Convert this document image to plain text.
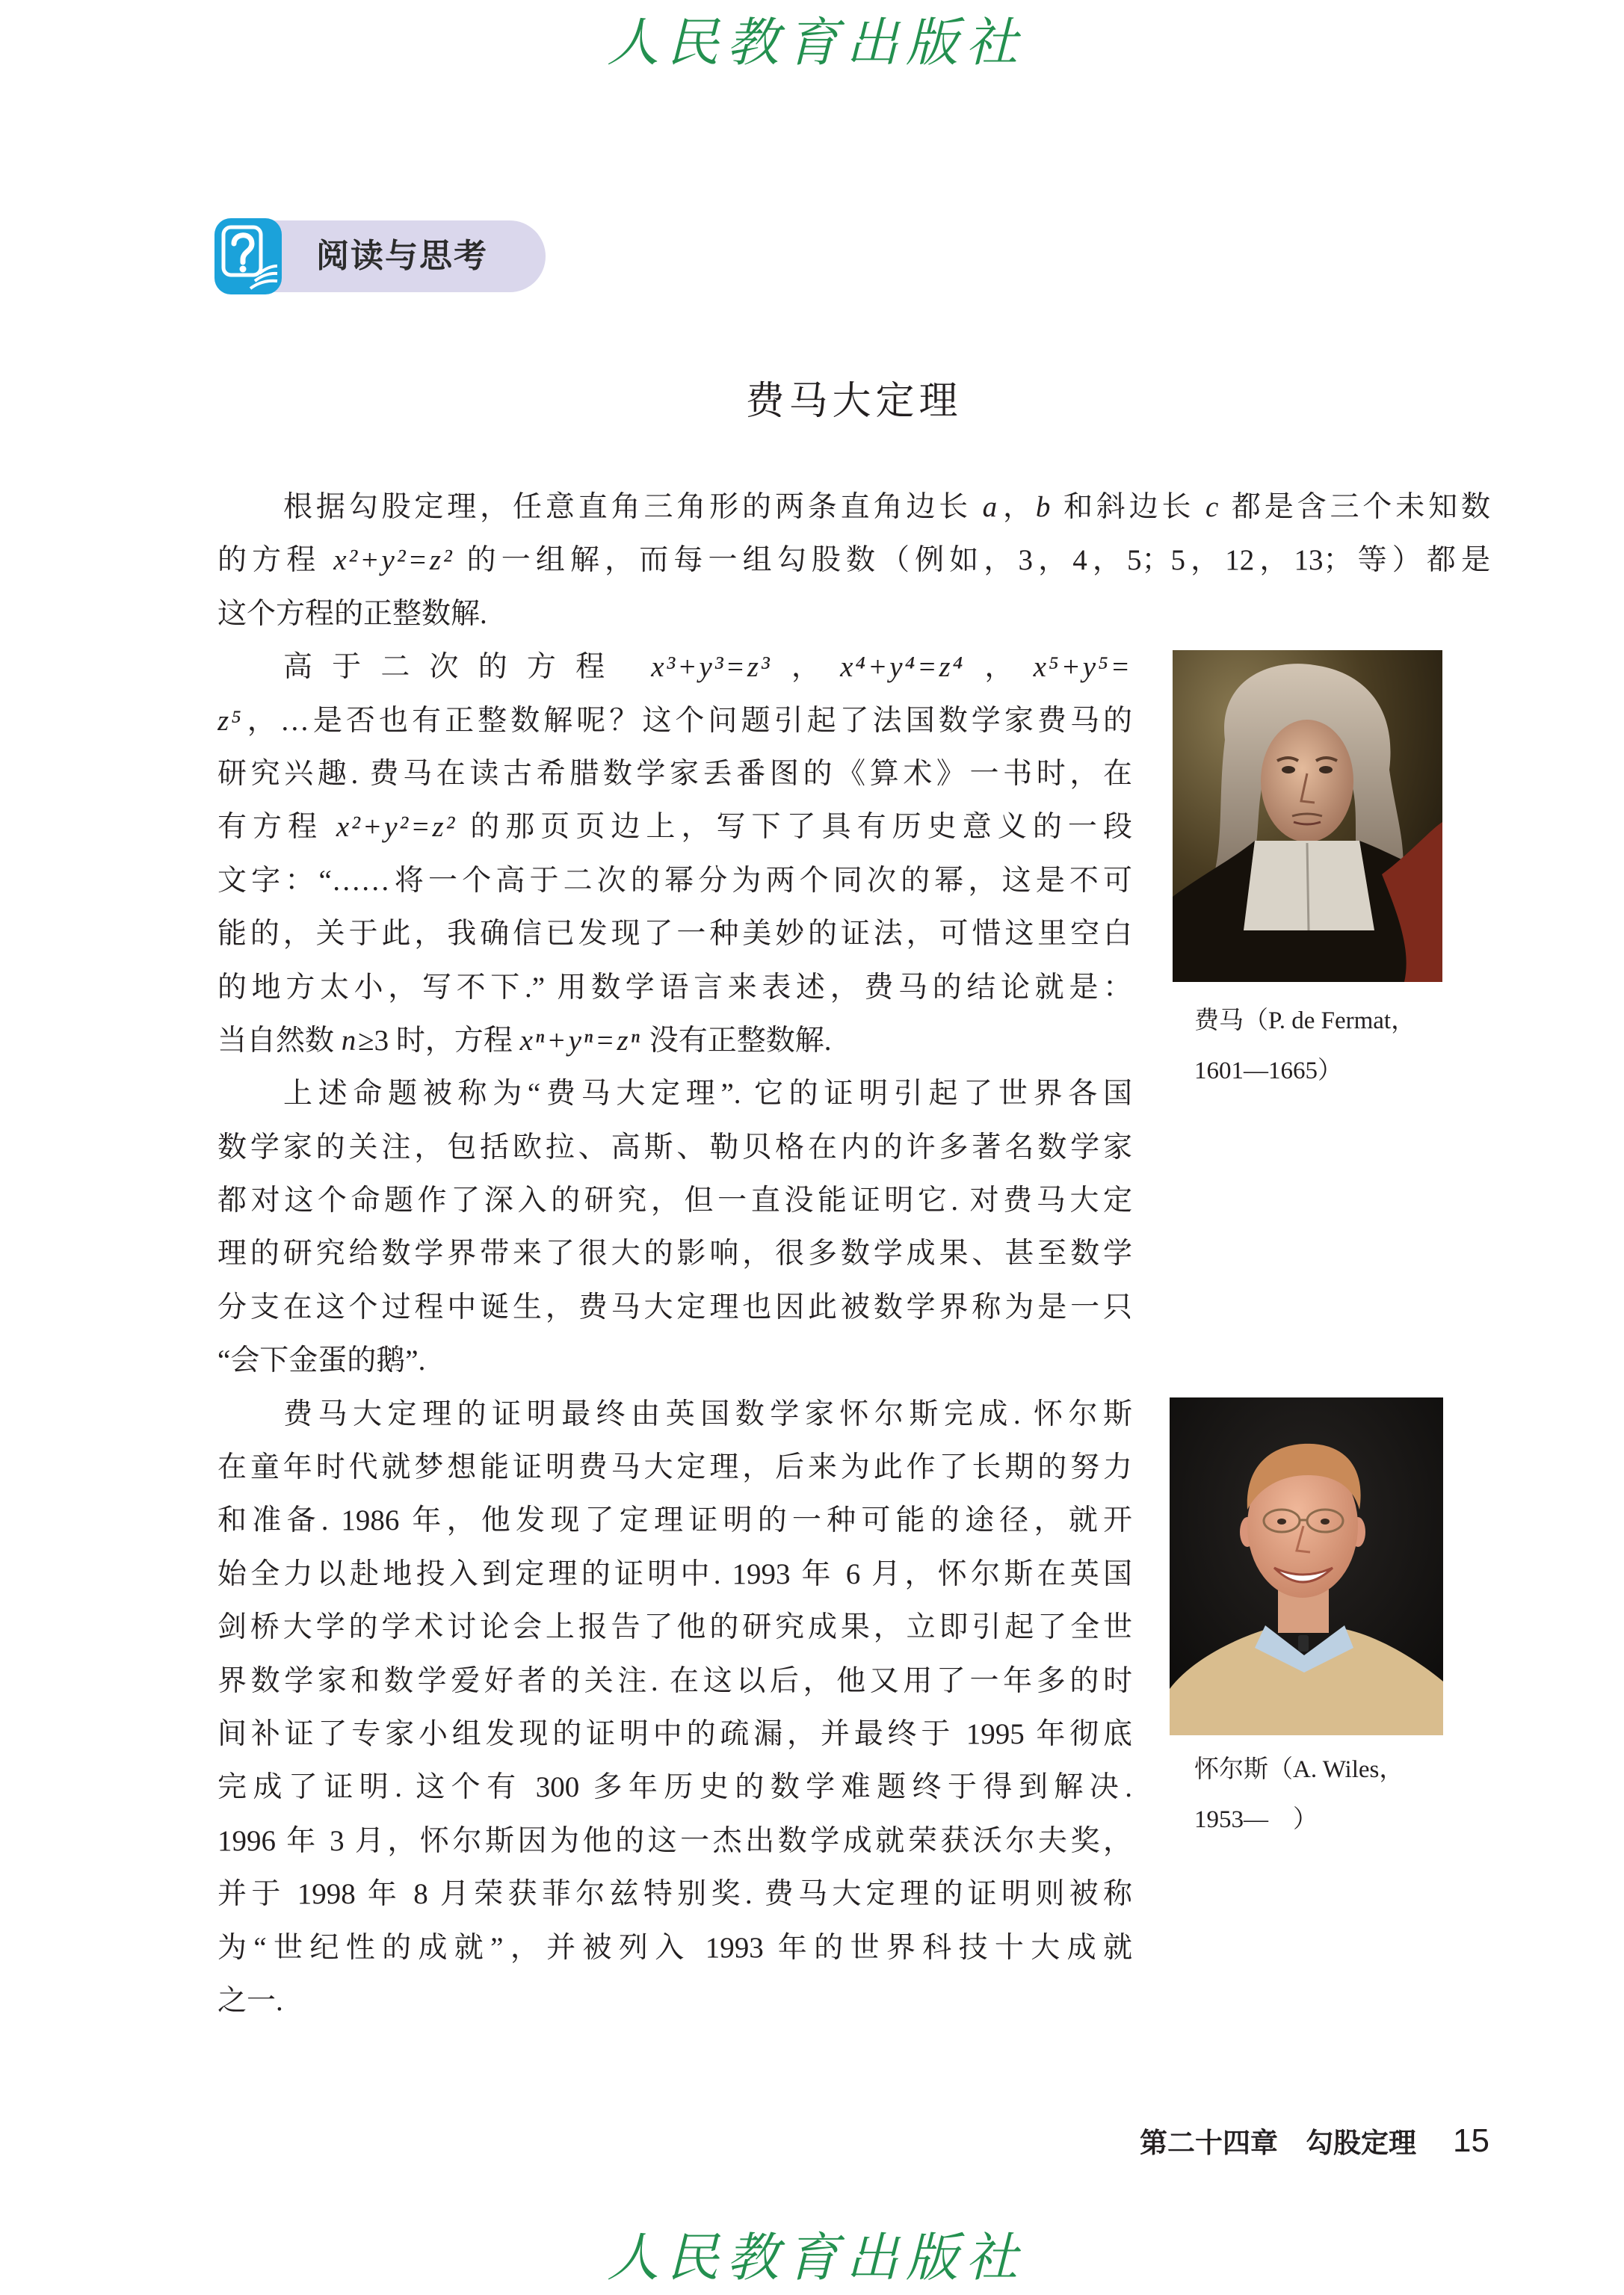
人民教育出版社
阅读与思考
费马大定理
根据勾股定理，任意直角三角形的两条直角边长 a，b 和斜边长 c 都是含三个未知数
的方程 x²+y²=z² 的一组解，而每一组勾股数（例如，3，4，5；5，12，13；等）都是
这个方程的正整数解.
高于二次的方程 x³+y³=z³，x⁴+y⁴=z⁴，x⁵+y⁵=
z⁵，…是否也有正整数解呢？这个问题引起了法国数学家费马的
研究兴趣. 费马在读古希腊数学家丢番图的《算术》一书时，在
有方程 x²+y²=z² 的那页页边上，写下了具有历史意义的一段
文字：“……将一个高于二次的幂分为两个同次的幂，这是不可
能的，关于此，我确信已发现了一种美妙的证法，可惜这里空白
的地方太小，写不下.” 用数学语言来表述，费马的结论就是：
当自然数 n≥3 时，方程 xⁿ+yⁿ=zⁿ 没有正整数解.
上述命题被称为“费马大定理”. 它的证明引起了世界各国
数学家的关注，包括欧拉、高斯、勒贝格在内的许多著名数学家
都对这个命题作了深入的研究，但一直没能证明它. 对费马大定
理的研究给数学界带来了很大的影响，很多数学成果、甚至数学
分支在这个过程中诞生，费马大定理也因此被数学界称为是一只
“会下金蛋的鹅”.
费马大定理的证明最终由英国数学家怀尔斯完成. 怀尔斯
在童年时代就梦想能证明费马大定理，后来为此作了长期的努力
和准备. 1986 年，他发现了定理证明的一种可能的途径，就开
始全力以赴地投入到定理的证明中. 1993 年 6 月，怀尔斯在英国
剑桥大学的学术讨论会上报告了他的研究成果，立即引起了全世
界数学家和数学爱好者的关注. 在这以后，他又用了一年多的时
间补证了专家小组发现的证明中的疏漏，并最终于 1995 年彻底
完成了证明. 这个有 300 多年历史的数学难题终于得到解决.
1996 年 3 月，怀尔斯因为他的这一杰出数学成就荣获沃尔夫奖，
并于 1998 年 8 月荣获菲尔兹特别奖. 费马大定理的证明则被称
为“世纪性的成就”，并被列入 1993 年的世界科技十大成就
之一.
费马（P. de Fermat，
1601—1665）
怀尔斯（A. Wiles，
1953—　）
第二十四章　勾股定理 15
人民教育出版社
